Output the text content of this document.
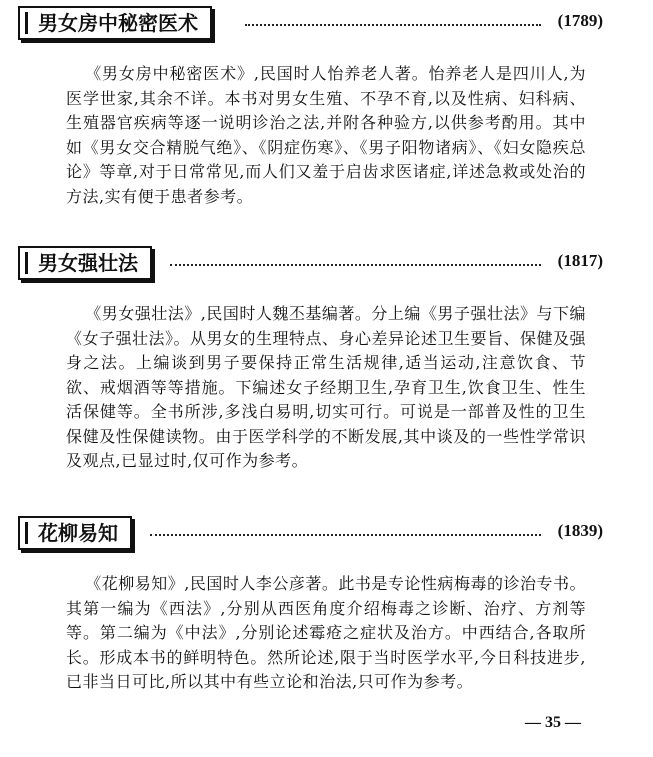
男女房中秘密医术	(1789)
《男女房中秘密医术》,民国时人怡养老人著。怡养老人是四川人,为医学世家,其余不详。本书对男女生殖、不孕不育,以及性病、妇科病、生殖器官疾病等逐一说明诊治之法,并附各种验方,以供参考酌用。其中如《男女交合精脱气绝》、《阴症伤寒》、《男子阳物诸病》、《妇女隐疾总论》等章,对于日常常见,而人们又羞于启齿求医诸症,详述急救或处治的方法,实有便于患者参考。
男女强壮法	(1817)
《男女强壮法》,民国时人魏丕基编著。分上编《男子强壮法》与下编《女子强壮法》。从男女的生理特点、身心差异论述卫生要旨、保健及强身之法。上编谈到男子要保持正常生活规律,适当运动,注意饮食、节欲、戒烟酒等等措施。下编述女子经期卫生,孕育卫生,饮食卫生、性生活保健等。全书所涉,多浅白易明,切实可行。可说是一部普及性的卫生保健及性保健读物。由于医学科学的不断发展,其中谈及的一些性学常识及观点,已显过时,仅可作为参考。
花柳易知	(1839)
《花柳易知》,民国时人李公彦著。此书是专论性病梅毒的诊治专书。其第一编为《西法》,分别从西医角度介绍梅毒之诊断、治疗、方剂等等。第二编为《中法》,分别论述霉疮之症状及治方。中西结合,各取所长。形成本书的鲜明特色。然所论述,限于当时医学水平,今日科技进步,已非当日可比,所以其中有些立论和治法,只可作为参考。
— 35 —
